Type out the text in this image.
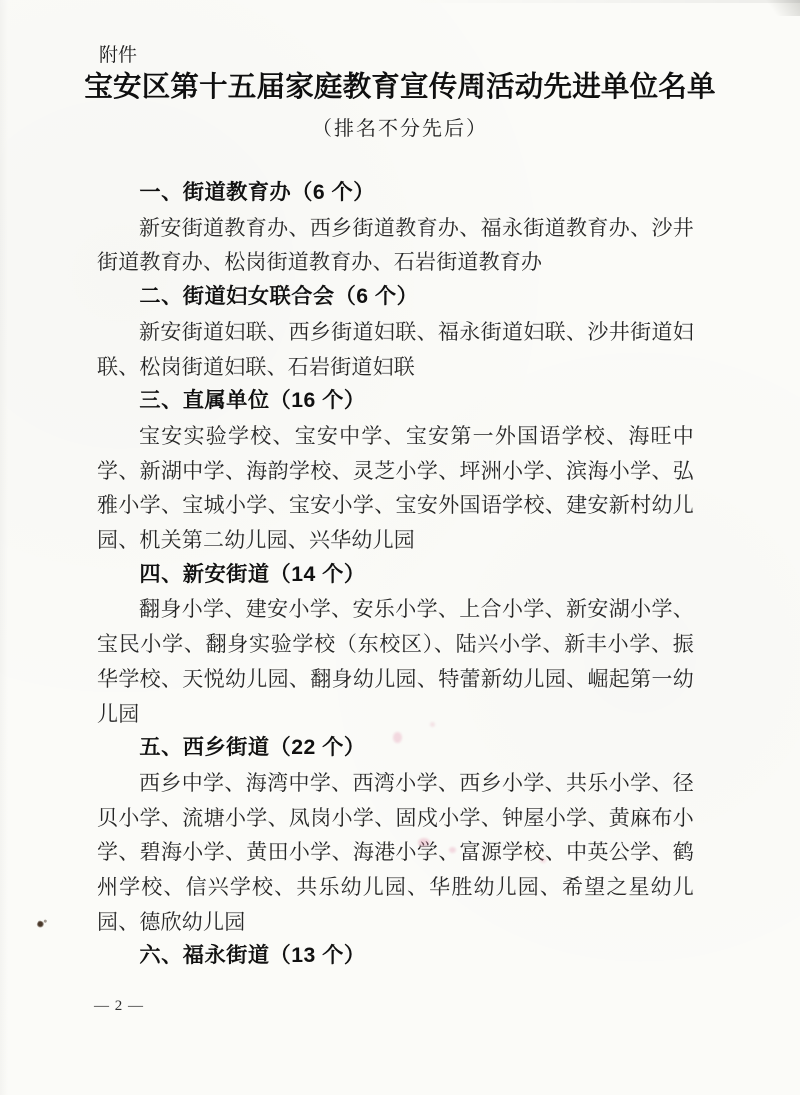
附件
宝安区第十五届家庭教育宣传周活动先进单位名单
（排名不分先后）
一、街道教育办（6 个）

新安街道教育办、西乡街道教育办、福永街道教育办、沙井街道教育办、松岗街道教育办、石岩街道教育办

二、街道妇女联合会（6 个）

新安街道妇联、西乡街道妇联、福永街道妇联、沙井街道妇联、松岗街道妇联、石岩街道妇联

三、直属单位（16 个）

宝安实验学校、宝安中学、宝安第一外国语学校、海旺中学、新湖中学、海韵学校、灵芝小学、坪洲小学、滨海小学、弘雅小学、宝城小学、宝安小学、宝安外国语学校、建安新村幼儿园、机关第二幼儿园、兴华幼儿园

四、新安街道（14 个）

翻身小学、建安小学、安乐小学、上合小学、新安湖小学、宝民小学、翻身实验学校（东校区）、陆兴小学、新丰小学、振华学校、天悦幼儿园、翻身幼儿园、特蕾新幼儿园、崛起第一幼儿园

五、西乡街道（22 个）

西乡中学、海湾中学、西湾小学、西乡小学、共乐小学、径贝小学、流塘小学、凤岗小学、固戍小学、钟屋小学、黄麻布小学、碧海小学、黄田小学、海港小学、富源学校、中英公学、鹤州学校、信兴学校、共乐幼儿园、华胜幼儿园、希望之星幼儿园、德欣幼儿园

六、福永街道（13 个）
— 2 —
